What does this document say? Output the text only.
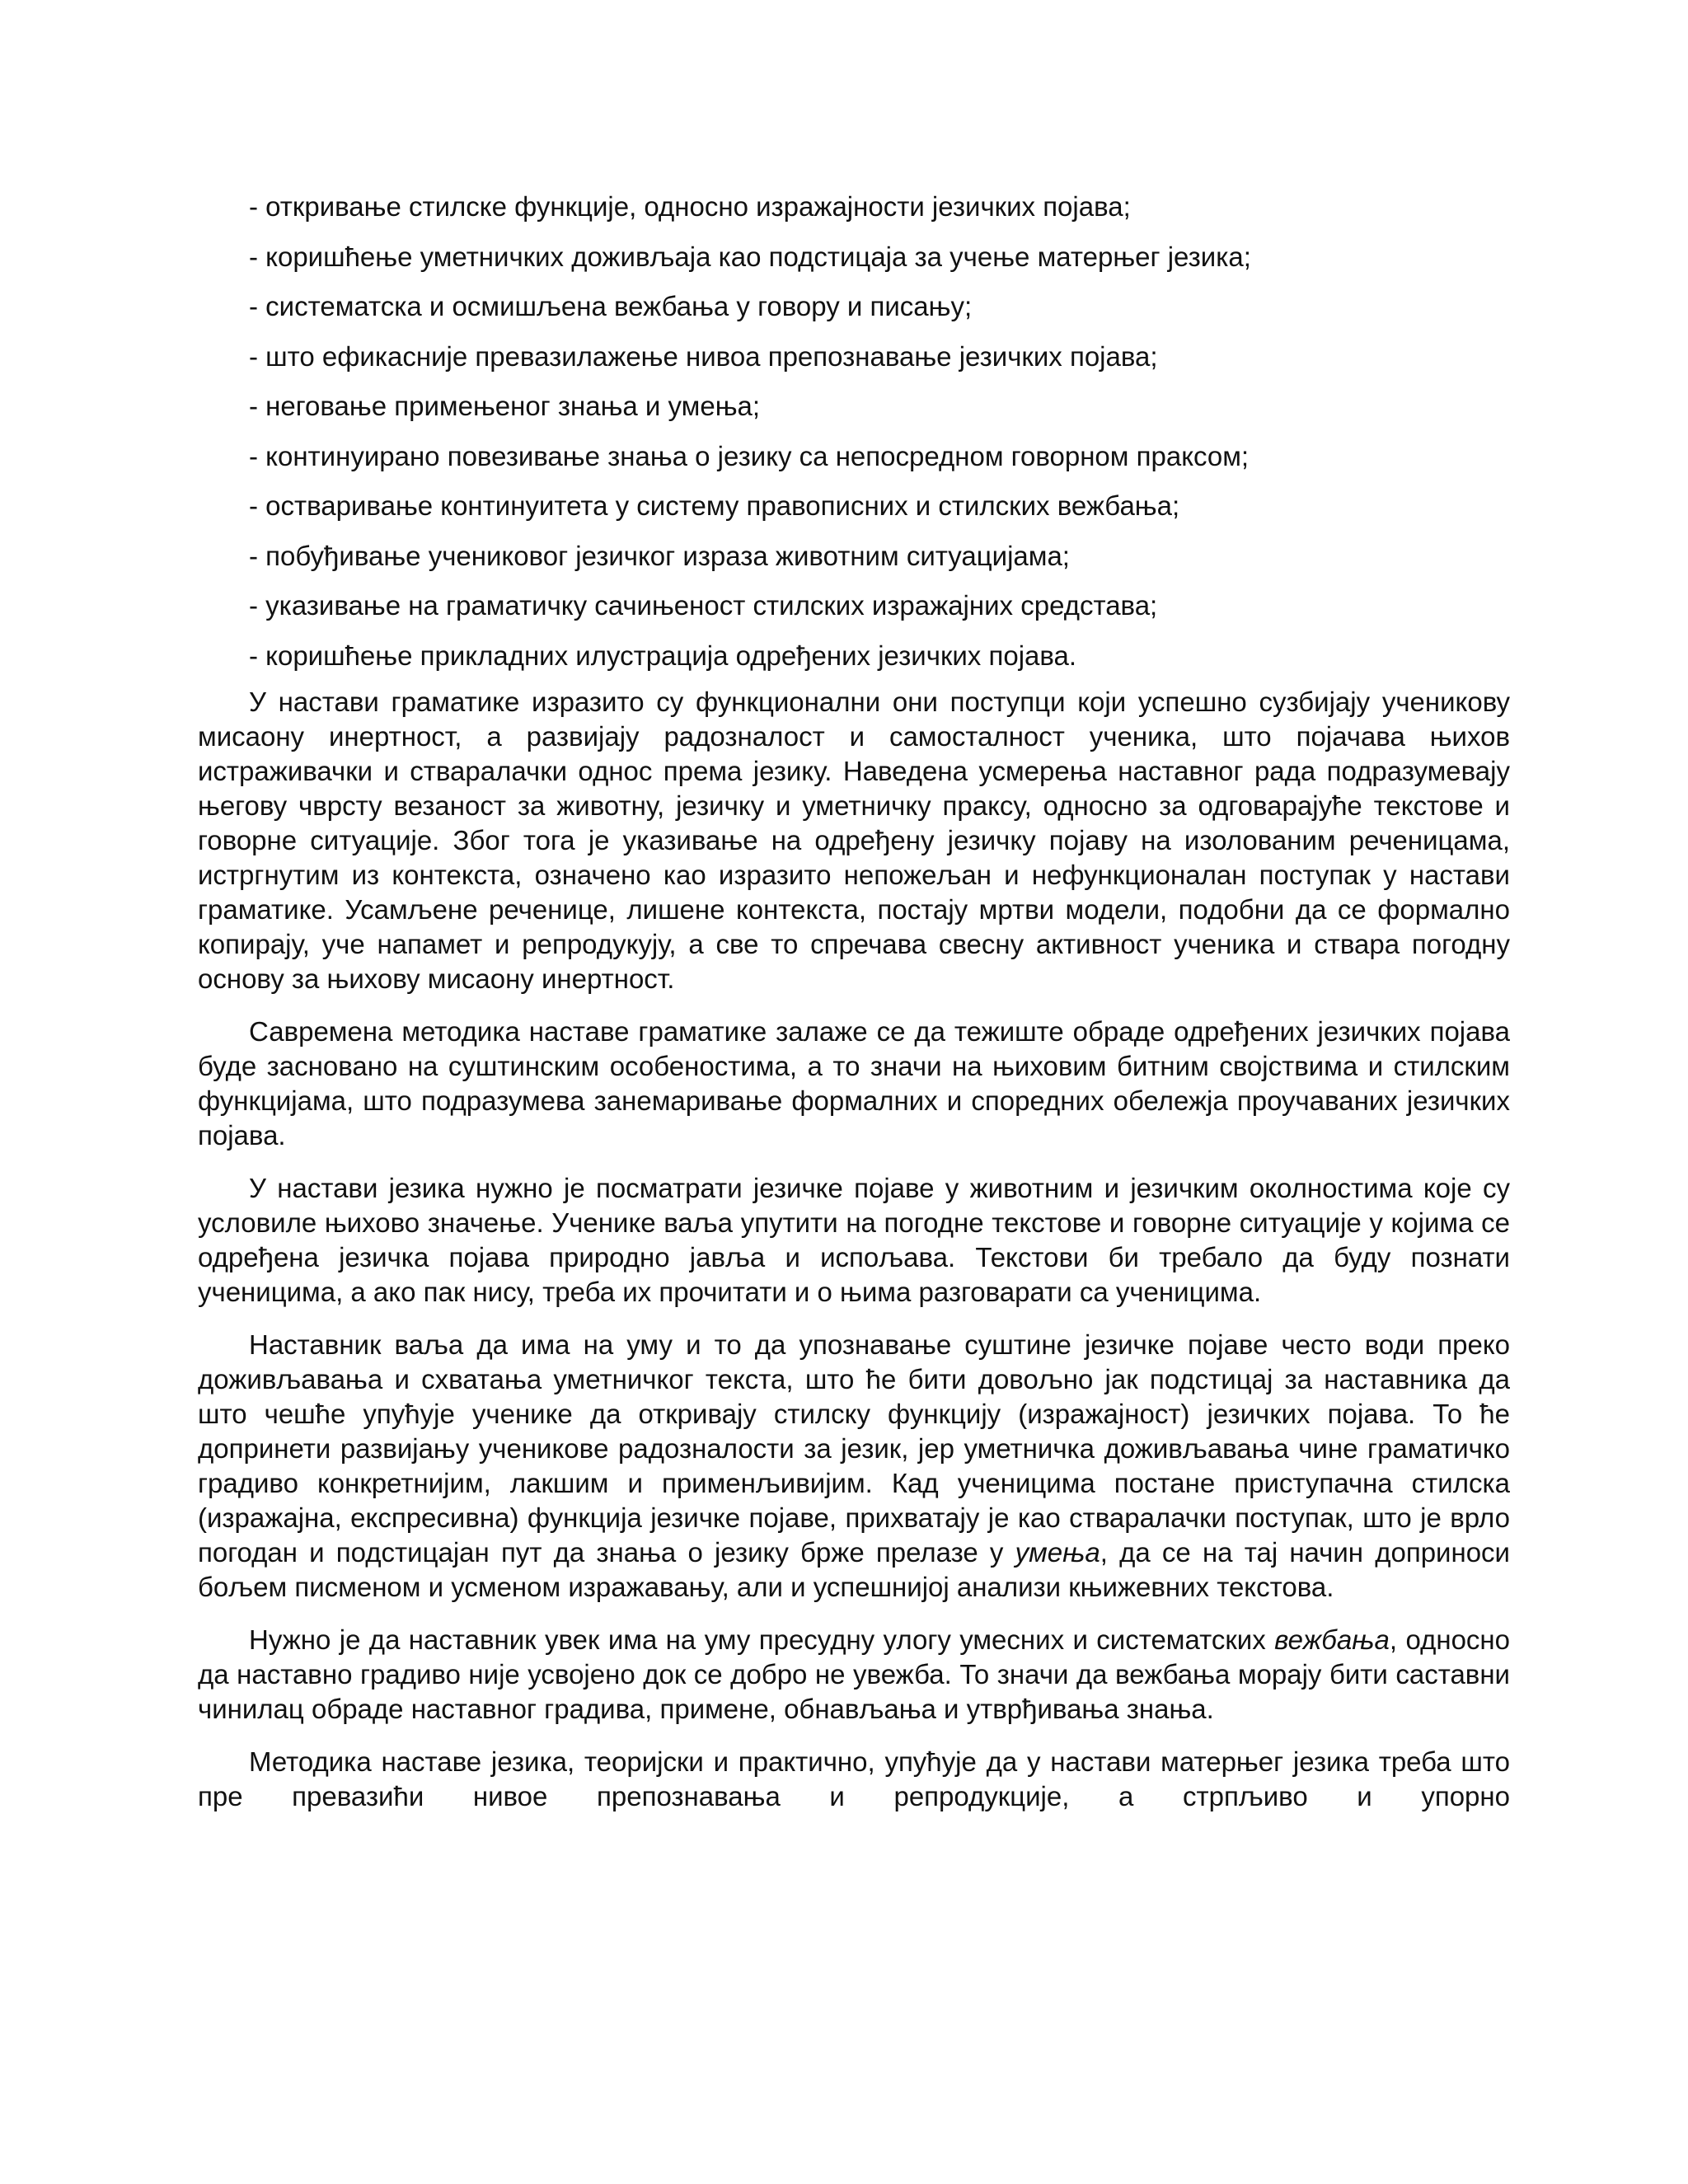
- откривање стилске функције, односно изражајности језичких појава;
- коришћење уметничких доживљаја као подстицаја за учење матерњег језика;
- систематска и осмишљена вежбања у говору и писању;
- што ефикасније превазилажење нивоа препознавање језичких појава;
- неговање примењеног знања и умења;
- континуирано повезивање знања о језику са непосредном говорном праксом;
- остваривање континуитета у систему правописних и стилских вежбања;
- побуђивање учениковог језичког израза животним ситуацијама;
- указивање на граматичку сачињеност стилских изражајних средстава;
- коришћење прикладних илустрација одређених језичких појава.

У настави граматике изразито су функционални они поступци који успешно сузбијају ученикову мисаону инертност, а развијају радозналост и самосталност ученика, што појачава њихов истраживачки и стваралачки однос према језику. Наведена усмерења наставног рада подразумевају његову чврсту везаност за животну, језичку и уметничку праксу, односно за одговарајуће текстове и говорне ситуације. Због тога је указивање на одређену језичку појаву на изолованим реченицама, истргнутим из контекста, означено као изразито непожељан и нефункционалан поступак у настави граматике. Усамљене реченице, лишене контекста, постају мртви модели, подобни да се формално копирају, уче напамет и репродукују, а све то спречава свесну активност ученика и ствара погодну основу за њихову мисаону инертност.

Савремена методика наставе граматике залаже се да тежиште обраде одређених језичких појава буде засновано на суштинским особеностима, а то значи на њиховим битним својствима и стилским функцијама, што подразумева занемаривање формалних и споредних обележја проучаваних језичких појава.

У настави језика нужно је посматрати језичке појаве у животним и језичким околностима које су условиле њихово значење. Ученике ваља упутити на погодне текстове и говорне ситуације у којима се одређена језичка појава природно јавља и испољава. Текстови би требало да буду познати ученицима, а ако пак нису, треба их прочитати и о њима разговарати са ученицима.

Наставник ваља да има на уму и то да упознавање суштине језичке појаве често води преко доживљавања и схватања уметничког текста, што ће бити довољно јак подстицај за наставника да што чешће упућује ученике да откривају стилску функцију (изражајност) језичких појава. То ће допринети развијању учениковe радозналости за језик, јер уметничка доживљавања чине граматичко градиво конкретнијим, лакшим и применљивијим. Кад ученицима постане приступачна стилска (изражајна, експресивна) функција језичке појаве, прихватају је као стваралачки поступак, што је врло погодан и подстицајан пут да знања о језику брже прелазе у умења, да се на тај начин доприноси бољем писменом и усменом изражавању, али и успешнијој анализи књижевних текстова.

Нужно је да наставник увек има на уму пресудну улогу умесних и систематских вежбања, односно да наставно градиво није усвојено док се добро не увежба. То значи да вежбања морају бити саставни чинилац обраде наставног градива, примене, обнављања и утврђивања знања.

Методика наставе језика, теоријски и практично, упућује да у настави матерњег језика треба што пре превазићи нивое препознавања и репродукције, а стрпљиво и упорно
